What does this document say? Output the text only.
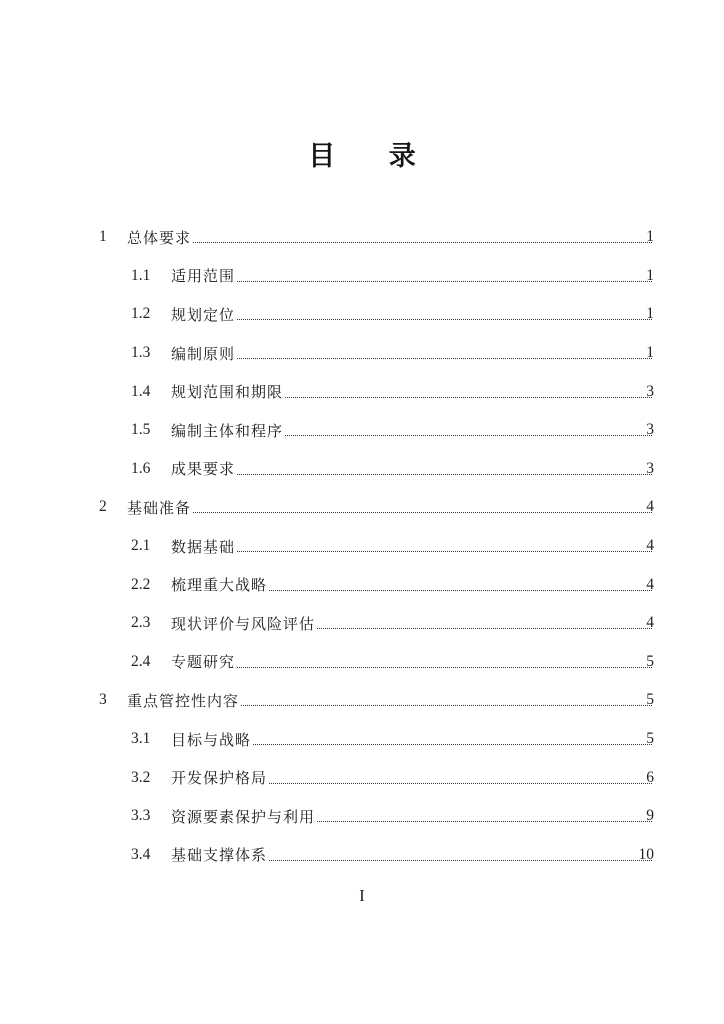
目 录
1 总体要求	1
1.1 适用范围	1
1.2 规划定位	1
1.3 编制原则	1
1.4 规划范围和期限	3
1.5 编制主体和程序	3
1.6 成果要求	3
2 基础准备	4
2.1 数据基础	4
2.2 梳理重大战略	4
2.3 现状评价与风险评估	4
2.4 专题研究	5
3 重点管控性内容	5
3.1 目标与战略	5
3.2 开发保护格局	6
3.3 资源要素保护与利用	9
3.4 基础支撑体系	10
I
